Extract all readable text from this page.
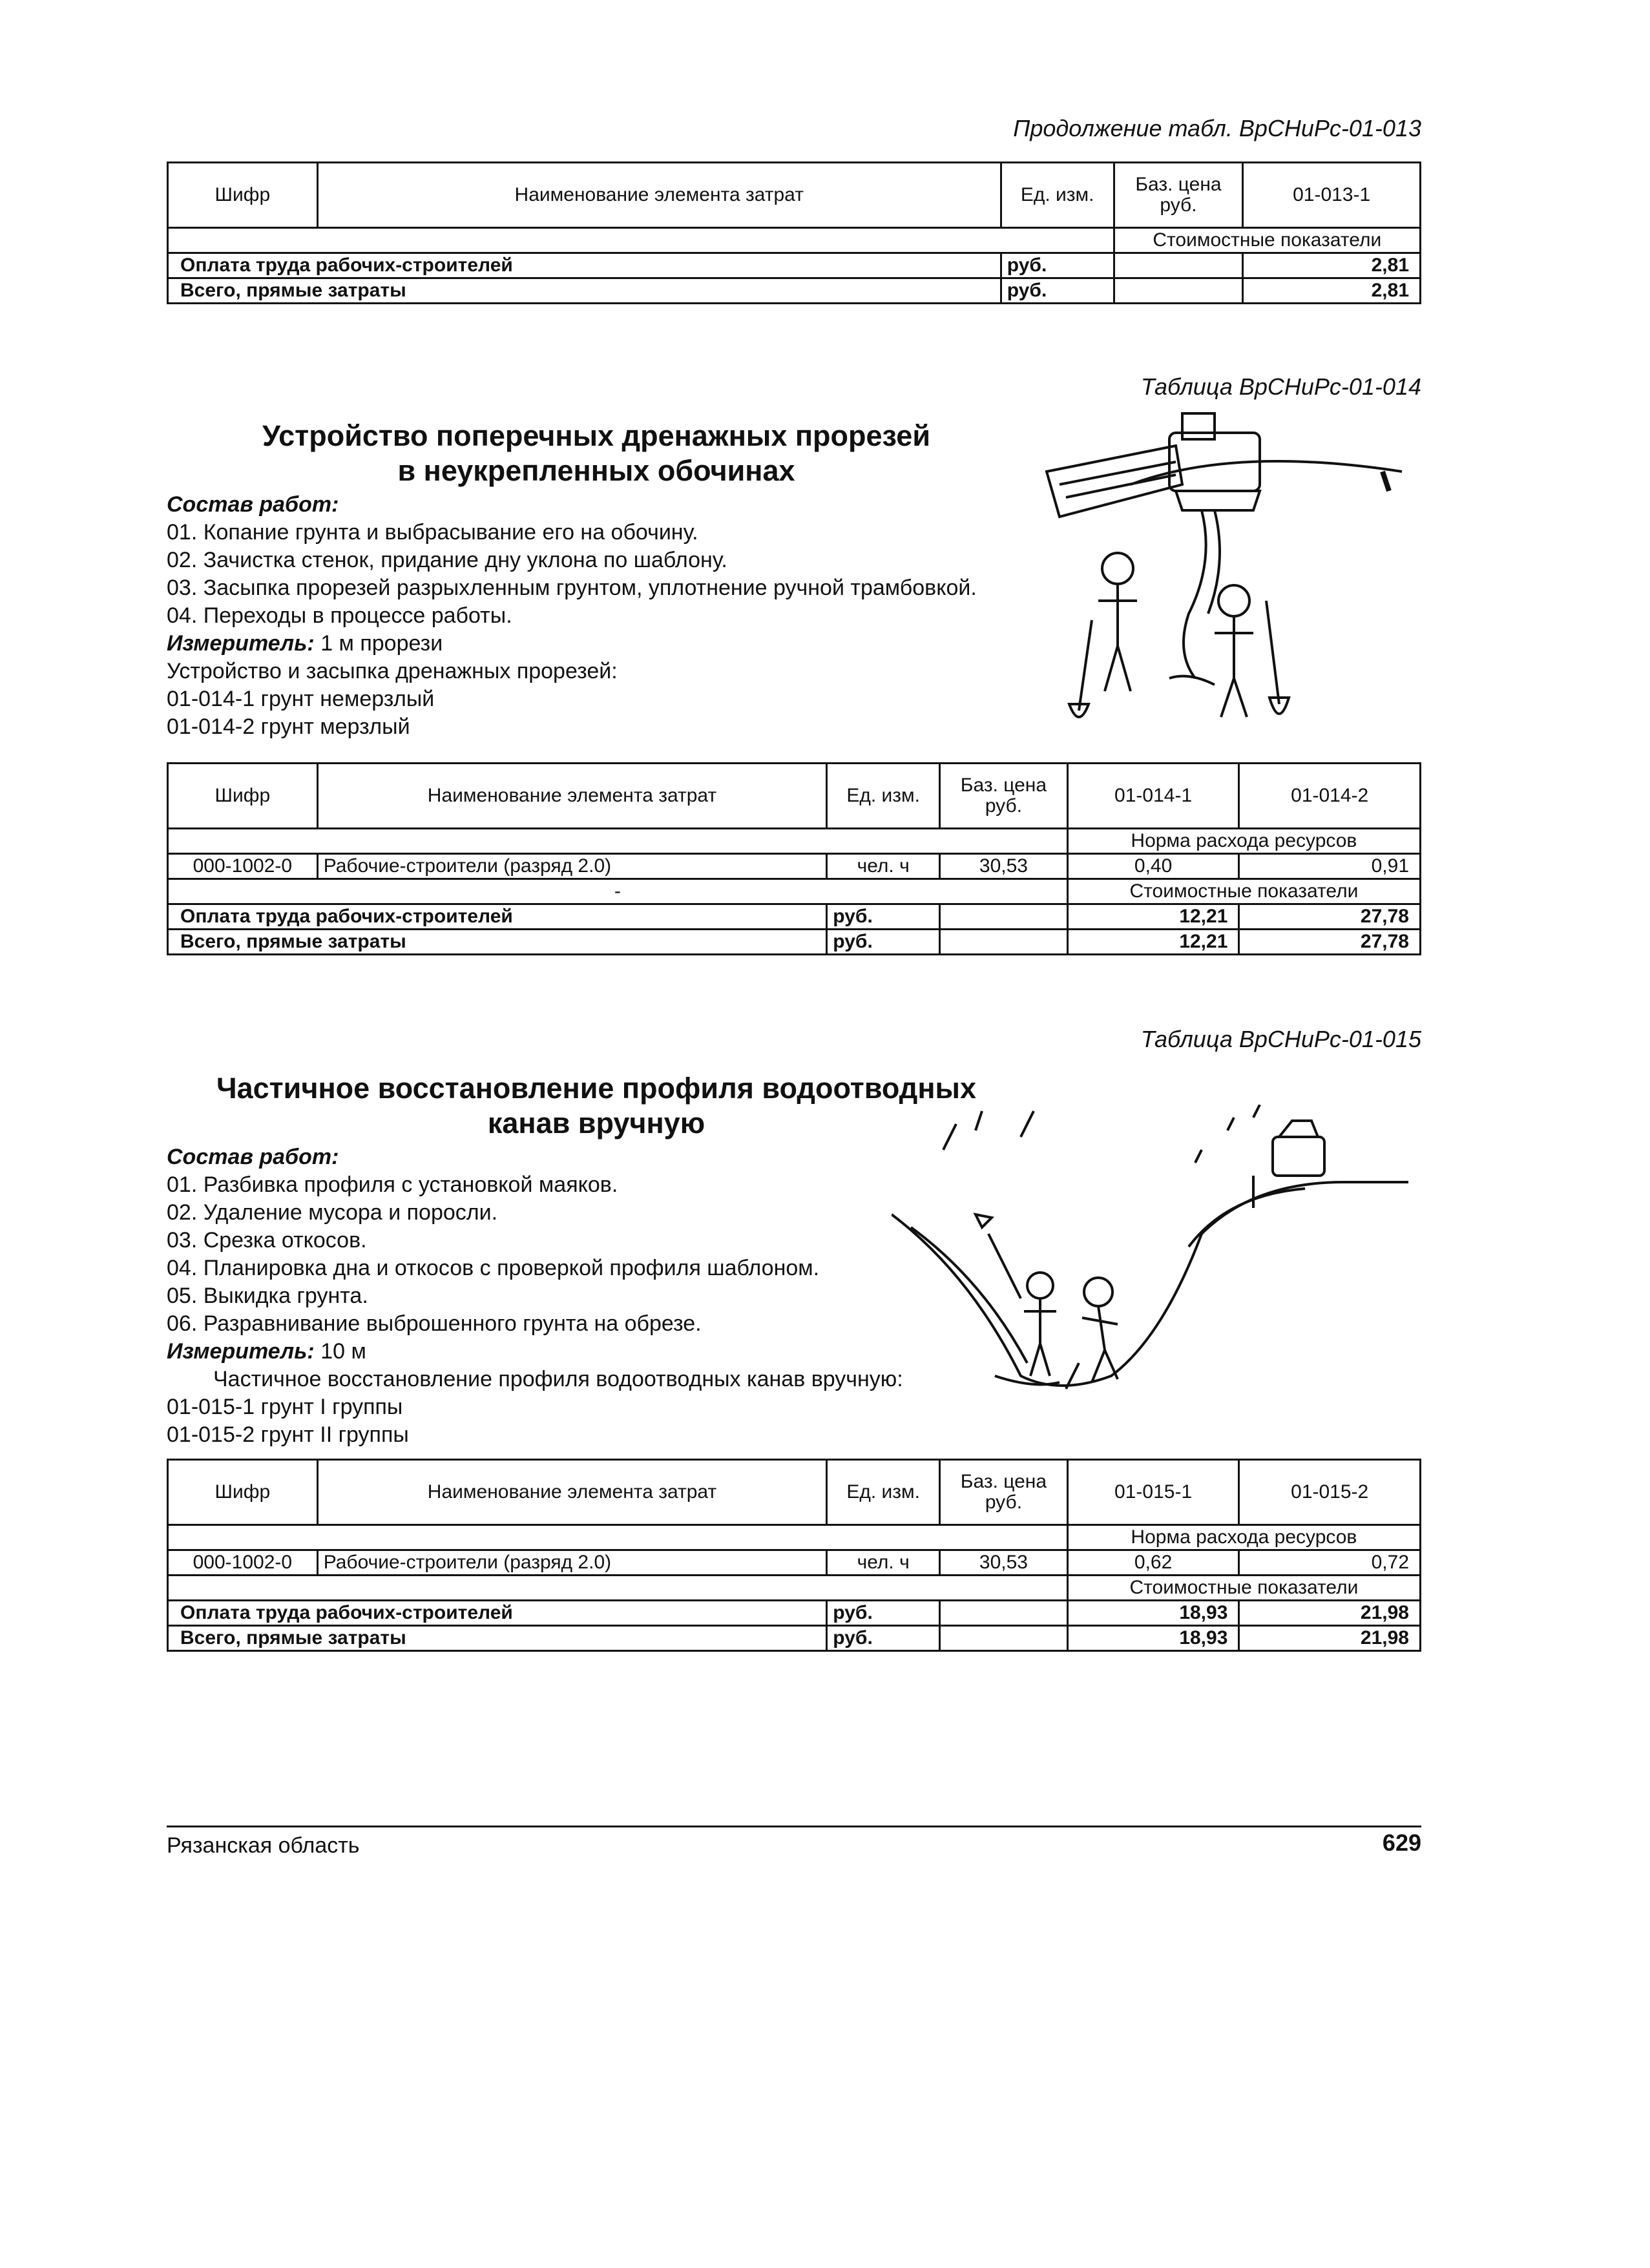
Продолжение табл. ВрСНиРс-01-013
Шифр	Наименование элемента затрат	Ед. изм.	Баз. цена руб.	01-013-1
			Стоимостные показатели	
Оплата труда рабочих-строителей		руб.		2,81
Всего, прямые затраты		руб.		2,81
Таблица ВрСНиРс-01-014
Устройство поперечных дренажных прорезей
в неукрепленных обочинах
Состав работ:
01. Копание грунта и выбрасывание его на обочину.
02. Зачистка стенок, придание дну уклона по шаблону.
03. Засыпка прорезей разрыхленным грунтом, уплотнение ручной трамбовкой.
04. Переходы в процессе работы.
Измеритель: 1 м прорези
Устройство и засыпка дренажных прорезей:
01-014-1 грунт немерзлый
01-014-2 грунт мерзлый
Шифр	Наименование элемента затрат	Ед. изм.	Баз. цена руб.	01-014-1	01-014-2
				Норма расхода ресурсов	
000-1002-0	Рабочие-строители (разряд 2.0)	чел. ч	30,53	0,40	0,91
-				Стоимостные показатели	
Оплата труда рабочих-строителей		руб.		12,21	27,78
Всего, прямые затраты		руб.		12,21	27,78
Таблица ВрСНиРс-01-015
Частичное восстановление профиля водоотводных
канав вручную
Состав работ:
01. Разбивка профиля с установкой маяков.
02. Удаление мусора и поросли.
03. Срезка откосов.
04. Планировка дна и откосов с проверкой профиля шаблоном.
05. Выкидка грунта.
06. Разравнивание выброшенного грунта на обрезе.
Измеритель: 10 м
Частичное восстановление профиля водоотводных канав вручную:
01-015-1 грунт I группы
01-015-2 грунт II группы
Шифр	Наименование элемента затрат	Ед. изм.	Баз. цена руб.	01-015-1	01-015-2
				Норма расхода ресурсов	
000-1002-0	Рабочие-строители (разряд 2.0)	чел. ч	30,53	0,62	0,72
				Стоимостные показатели	
Оплата труда рабочих-строителей		руб.		18,93	21,98
Всего, прямые затраты		руб.		18,93	21,98
Рязанская область	629
